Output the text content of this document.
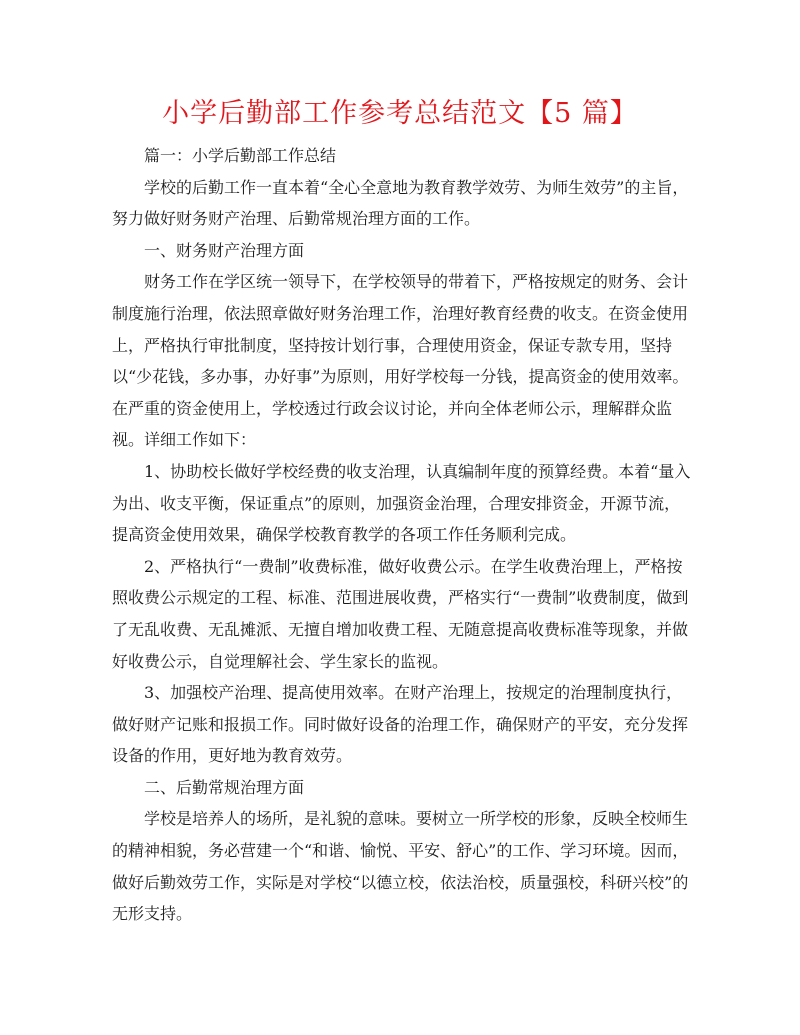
小学后勤部工作参考总结范文【5 篇】

篇一：小学后勤部工作总结

学校的后勤工作一直本着“全心全意地为教育教学效劳、为师生效劳”的主旨，努力做好财务财产治理、后勤常规治理方面的工作。

一、财务财产治理方面

财务工作在学区统一领导下，在学校领导的带着下，严格按规定的财务、会计制度施行治理，依法照章做好财务治理工作，治理好教育经费的收支。在资金使用上，严格执行审批制度，坚持按计划行事，合理使用资金，保证专款专用，坚持以“少花钱，多办事，办好事”为原则，用好学校每一分钱，提高资金的使用效率。在严重的资金使用上，学校透过行政会议讨论，并向全体老师公示，理解群众监视。详细工作如下：

1、协助校长做好学校经费的收支治理，认真编制年度的预算经费。本着“量入为出、收支平衡，保证重点”的原则，加强资金治理，合理安排资金，开源节流，提高资金使用效果，确保学校教育教学的各项工作任务顺利完成。

2、严格执行“一费制”收费标准，做好收费公示。在学生收费治理上，严格按照收费公示规定的工程、标准、范围进展收费，严格实行“一费制”收费制度，做到了无乱收费、无乱摊派、无擅自增加收费工程、无随意提高收费标准等现象，并做好收费公示，自觉理解社会、学生家长的监视。

3、加强校产治理、提高使用效率。在财产治理上，按规定的治理制度执行，做好财产记账和报损工作。同时做好设备的治理工作，确保财产的平安，充分发挥设备的作用，更好地为教育效劳。

二、后勤常规治理方面

学校是培养人的场所，是礼貌的意味。要树立一所学校的形象，反映全校师生的精神相貌，务必营建一个“和谐、愉悦、平安、舒心”的工作、学习环境。因而，做好后勤效劳工作，实际是对学校“以德立校，依法治校，质量强校，科研兴校”的无形支持。
